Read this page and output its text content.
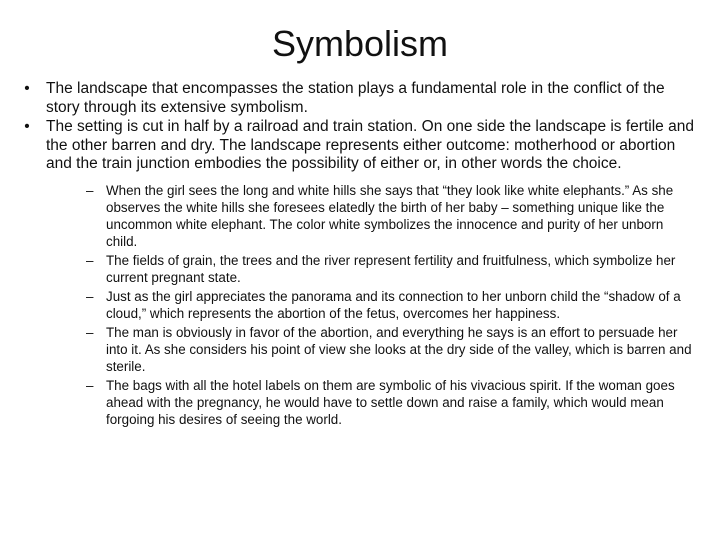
Symbolism
•	The landscape that encompasses the station plays a fundamental role in the conflict of the story through its extensive symbolism.
•	The setting is cut in half by a railroad and train station. On one side the landscape is fertile and the other barren and dry. The landscape represents either outcome: motherhood or abortion and the train junction embodies the possibility of either or, in other words the choice.
– When the girl sees the long and white hills she says that “they look like white elephants.” As she observes the white hills she foresees elatedly the birth of her baby – something unique like the uncommon white elephant. The color white symbolizes the innocence and purity of her unborn child.
– The fields of grain, the trees and the river represent fertility and fruitfulness, which symbolize her current pregnant state.
– Just as the girl appreciates the panorama and its connection to her unborn child the “shadow of a cloud,” which represents the abortion of the fetus, overcomes her happiness.
– The man is obviously in favor of the abortion, and everything he says is an effort to persuade her into it. As she considers his point of view she looks at the dry side of the valley, which is barren and sterile.
– The bags with all the hotel labels on them are symbolic of his vivacious spirit. If the woman goes ahead with the pregnancy, he would have to settle down and raise a family, which would mean forgoing his desires of seeing the world.
